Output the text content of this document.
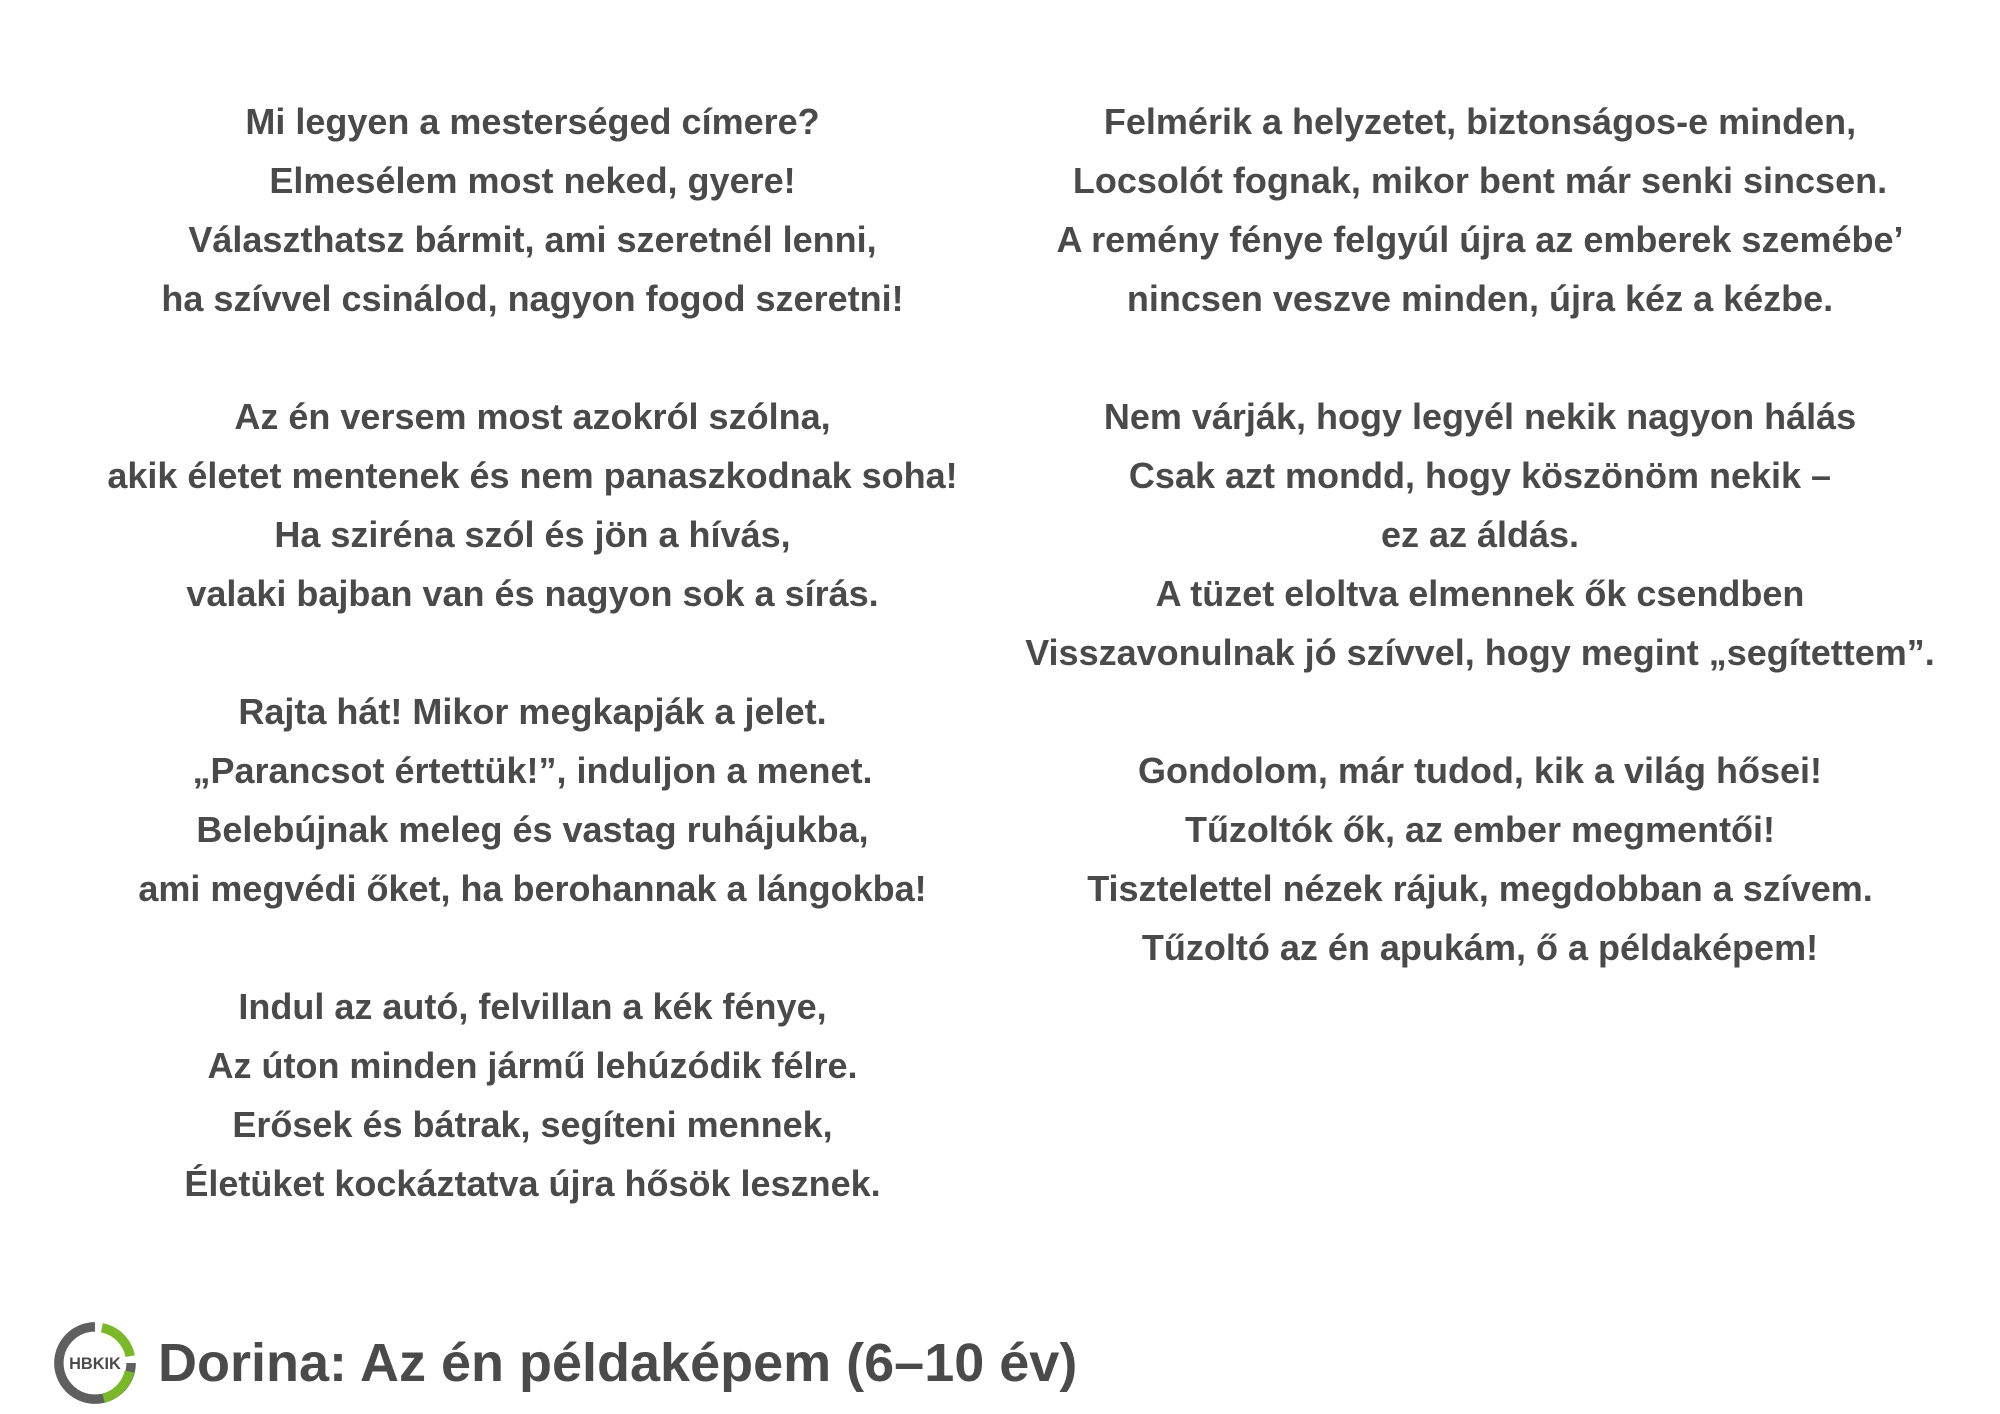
Mi legyen a mesterséged címere?
Elmesélem most neked, gyere!
Választhatsz bármit, ami szeretnél lenni,
ha szívvel csinálod, nagyon fogod szeretni!
Az én versem most azokról szólna,
akik életet mentenek és nem panaszkodnak soha!
Ha sziréna szól és jön a hívás,
valaki bajban van és nagyon sok a sírás.
Rajta hát! Mikor megkapják a jelet.
„Parancsot értettük!”, induljon a menet.
Belebújnak meleg és vastag ruhájukba,
ami megvédi őket, ha berohannak a lángokba!
Indul az autó, felvillan a kék fénye,
Az úton minden jármű lehúzódik félre.
Erősek és bátrak, segíteni mennek,
Életüket kockáztatva újra hősök lesznek.
Felmérik a helyzetet, biztonságos-e minden,
Locsolót fognak, mikor bent már senki sincsen.
A remény fénye felgyúl újra az emberek szemébe’
nincsen veszve minden, újra kéz a kézbe.
Nem várják, hogy legyél nekik nagyon hálás
Csak azt mondd, hogy köszönöm nekik –
ez az áldás.
A tüzet eloltva elmennek ők csendben
Visszavonulnak jó szívvel, hogy megint „segítettem”.
Gondolom, már tudod, kik a világ hősei!
Tűzoltók ők, az ember megmentői!
Tisztelettel nézek rájuk, megdobban a szívem.
Tűzoltó az én apukám, ő a példaképem!
HBKIK Dorina: Az én példaképem (6–10 év)
